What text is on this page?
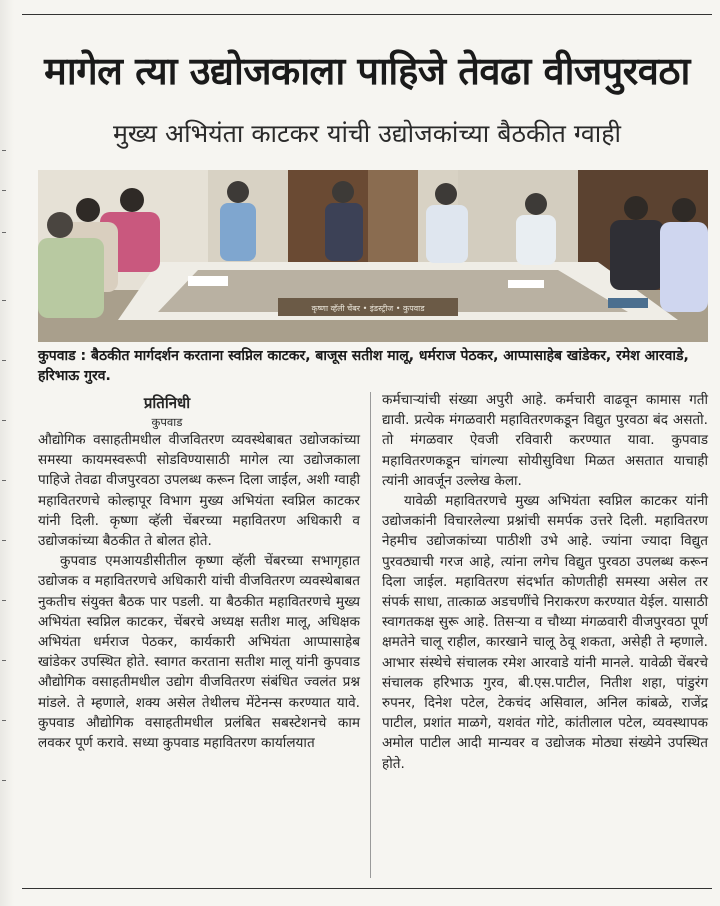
मागेल त्या उद्योजकाला पाहिजे तेवढा वीजपुरवठा
मुख्य अभियंता काटकर यांची उद्योजकांच्या बैठकीत ग्वाही
कृष्णा व्हॅली चेंबर • इंडस्ट्रीज • कुपवाड
कुपवाड : बैठकीत मार्गदर्शन करताना स्वप्निल काटकर, बाजूस सतीश मालू, धर्मराज पेठकर, आप्पासाहेब खांडेकर, रमेश आरवाडे, हरिभाऊ गुरव.
प्रतिनिधी
कुपवाड

औद्योगिक वसाहतीमधील वीजवितरण व्यवस्थेबाबत उद्योजकांच्या समस्या कायमस्वरूपी सोडविण्यासाठी मागेल त्या उद्योजकाला पाहिजे तेवढा वीजपुरवठा उपलब्ध करून दिला जाईल, अशी ग्वाही महावितरणचे कोल्हापूर विभाग मुख्य अभियंता स्वप्निल काटकर यांनी दिली. कृष्णा व्हॅली चेंबरच्या महावितरण अधिकारी व उद्योजकांच्या बैठकीत ते बोलत होते.

कुपवाड एमआयडीसीतील कृष्णा व्हॅली चेंबरच्या सभागृहात उद्योजक व महावितरणचे अधिकारी यांची वीजवितरण व्यवस्थेबाबत नुकतीच संयुक्त बैठक पार पडली. या बैठकीत महावितरणचे मुख्य अभियंता स्वप्निल काटकर, चेंबरचे अध्यक्ष सतीश मालू, अधिक्षक अभियंता धर्मराज पेठकर, कार्यकारी अभियंता आप्पासाहेब खांडेकर उपस्थित होते. स्वागत करताना सतीश मालू यांनी कुपवाड औद्योगिक वसाहतीमधील उद्योग वीजवितरण संबंधित ज्वलंत प्रश्न मांडले. ते म्हणाले, शक्य असेल तेथीलच मेंटेनन्स करण्यात यावे. कुपवाड औद्योगिक वसाहतीमधील प्रलंबित सबस्टेशनचे काम लवकर पूर्ण करावे. सध्या कुपवाड महावितरण कार्यालयात

कर्मचाऱ्यांची संख्या अपुरी आहे. कर्मचारी वाढवून कामास गती द्यावी. प्रत्येक मंगळवारी महावितरणकडून विद्युत पुरवठा बंद असतो. तो मंगळवार ऐवजी रविवारी करण्यात यावा. कुपवाड महावितरणकडून चांगल्या सोयीसुविधा मिळत असतात याचाही त्यांनी आवर्जून उल्लेख केला.

यावेळी महावितरणचे मुख्य अभियंता स्वप्निल काटकर यांनी उद्योजकांनी विचारलेल्या प्रश्नांची समर्पक उत्तरे दिली. महावितरण नेहमीच उद्योजकांच्या पाठीशी उभे आहे. ज्यांना ज्यादा विद्युत पुरवठ्याची गरज आहे, त्यांना लगेच विद्युत पुरवठा उपलब्ध करून दिला जाईल. महावितरण संदर्भात कोणतीही समस्या असेल तर संपर्क साधा, तात्काळ अडचणींचे निराकरण करण्यात येईल. यासाठी स्वागतकक्ष सुरू आहे. तिसऱ्या व चौथ्या मंगळवारी वीजपुरवठा पूर्ण क्षमतेने चालू राहील, कारखाने चालू ठेवू शकता, असेही ते म्हणाले. आभार संस्थेचे संचालक रमेश आरवाडे यांनी मानले. यावेळी चेंबरचे संचालक हरिभाऊ गुरव, बी.एस.पाटील, नितीश शहा, पांडुरंग रुपनर, दिनेश पटेल, टेकचंद असिवाल, अनिल कांबळे, राजेंद्र पाटील, प्रशांत माळगे, यशवंत गोटे, कांतीलाल पटेल, व्यवस्थापक अमोल पाटील आदी मान्यवर व उद्योजक मोठ्या संख्येने उपस्थित होते.
